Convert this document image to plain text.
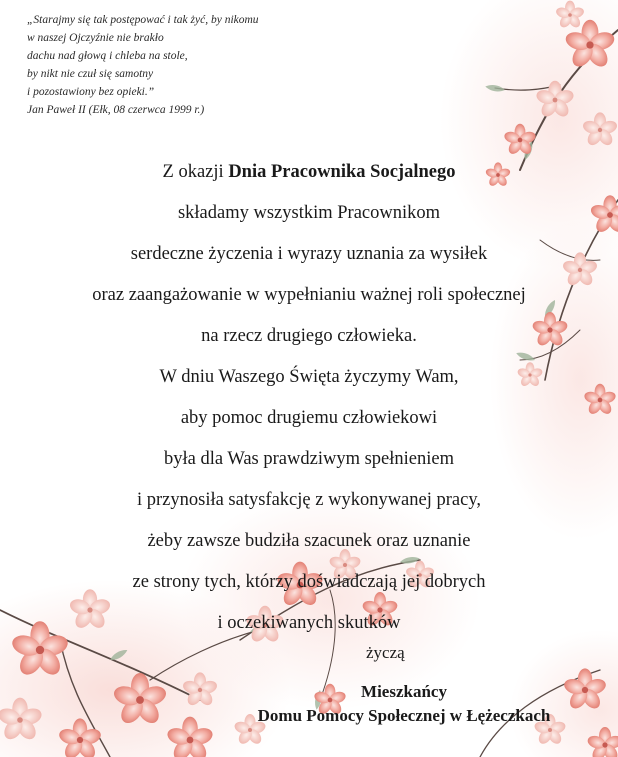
„Starajmy się tak postępować i tak żyć, by nikomu
w naszej Ojczyźnie nie brakło
dachu nad głową i chleba na stole,
by nikt nie czuł się samotny
i pozostawiony bez opieki.”
Jan Paweł II (Ełk, 08 czerwca 1999 r.)
Z okazji Dnia Pracownika Socjalnego
składamy wszystkim Pracownikom
serdeczne życzenia i wyrazy uznania za wysiłek
oraz zaangażowanie w wypełnianiu ważnej roli społecznej
na rzecz drugiego człowieka.
W dniu Waszego Święta życzymy Wam,
aby pomoc drugiemu człowiekowi
była dla Was prawdziwym spełnieniem
i przynosiła satysfakcję z wykonywanej pracy,
żeby zawsze budziła szacunek oraz uznanie
ze strony tych, którzy doświadczają jej dobrych
i oczekiwanych skutków
życzą
Mieszkańcy
Domu Pomocy Społecznej w Łężeczkach
